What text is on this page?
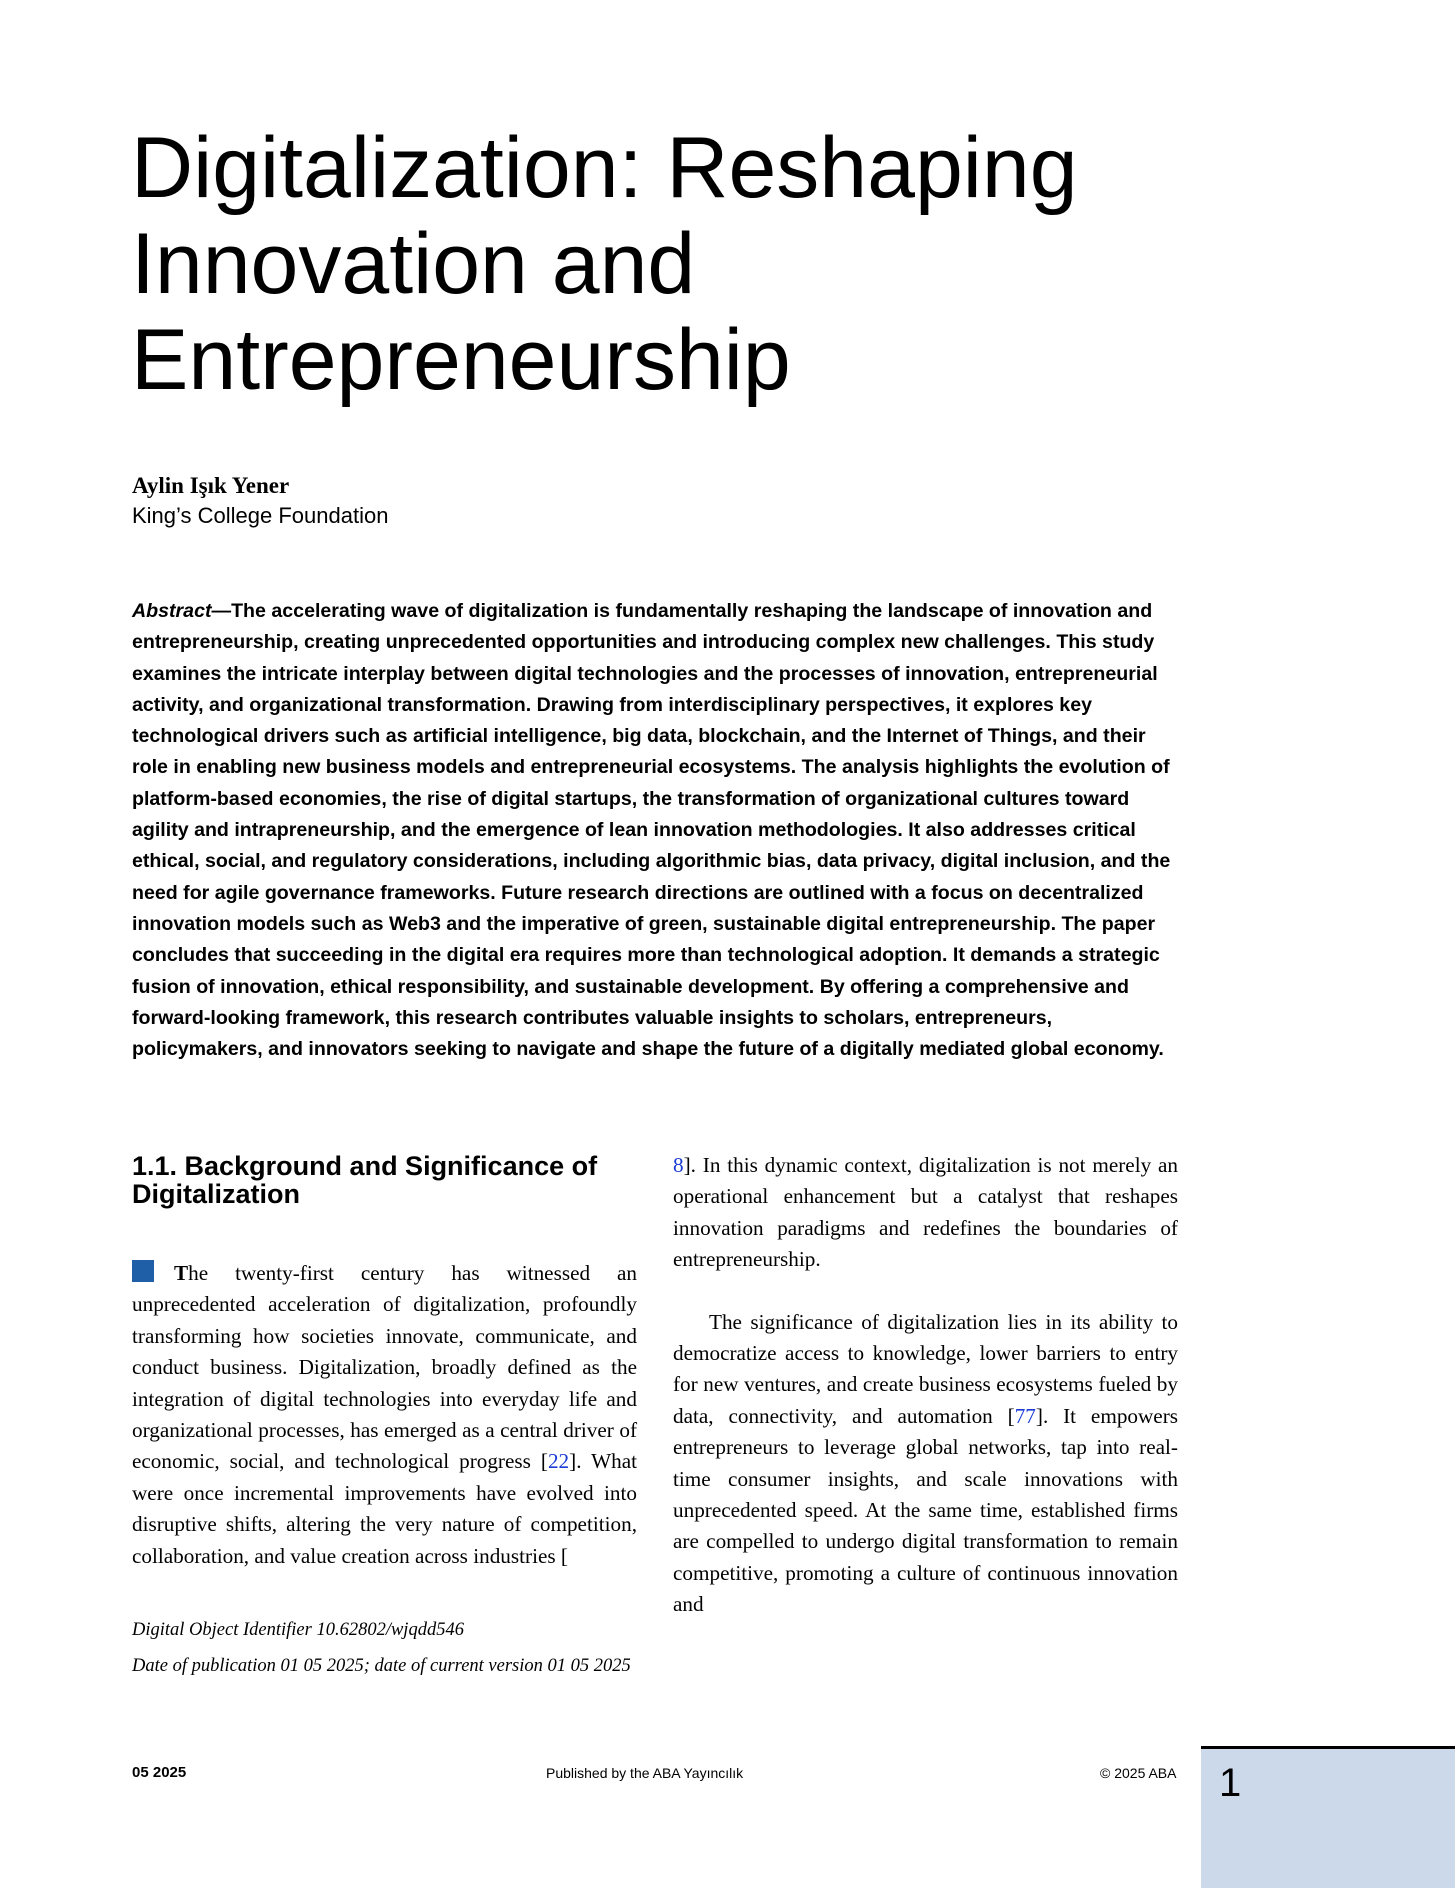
Digitalization: Reshaping Innovation and Entrepreneurship
Aylin Işık Yener
King’s College Foundation

Abstract—The accelerating wave of digitalization is fundamentally reshaping the landscape of innovation and entrepreneurship, creating unprecedented opportunities and introducing complex new challenges. This study examines the intricate interplay between digital technologies and the processes of innovation, entrepreneurial activity, and organizational transformation. Drawing from interdisciplinary perspectives, it explores key technological drivers such as artificial intelligence, big data, blockchain, and the Internet of Things, and their role in enabling new business models and entrepreneurial ecosystems. The analysis highlights the evolution of platform-based economies, the rise of digital startups, the transformation of organizational cultures toward agility and intrapreneurship, and the emergence of lean innovation methodologies. It also addresses critical ethical, social, and regulatory considerations, including algorithmic bias, data privacy, digital inclusion, and the need for agile governance frameworks. Future research directions are outlined with a focus on decentralized innovation models such as Web3 and the imperative of green, sustainable digital entrepreneurship. The paper concludes that succeeding in the digital era requires more than technological adoption. It demands a strategic fusion of innovation, ethical responsibility, and sustainable development. By offering a comprehensive and forward-looking framework, this research contributes valuable insights to scholars, entrepreneurs, policymakers, and innovators seeking to navigate and shape the future of a digitally mediated global economy.

1.1. Background and Significance of Digitalization

The twenty-first century has witnessed an unprecedented acceleration of digitalization, profoundly transforming how societies innovate, communicate, and conduct business. Digitalization, broadly defined as the integration of digital technologies into everyday life and organizational processes, has emerged as a central driver of economic, social, and technological progress [22]. What were once incremental improvements have evolved into disruptive shifts, altering the very nature of competition, collaboration, and value creation across industries [

Digital Object Identifier 10.62802/wjqdd546

Date of publication 01 05 2025; date of current version 01 05 2025

8]. In this dynamic context, digitalization is not merely an operational enhancement but a catalyst that reshapes innovation paradigms and redefines the boundaries of entrepreneurship.

The significance of digitalization lies in its ability to democratize access to knowledge, lower barriers to entry for new ventures, and create business ecosystems fueled by data, connectivity, and automation [77]. It empowers entrepreneurs to leverage global networks, tap into real-time consumer insights, and scale innovations with unprecedented speed. At the same time, established firms are compelled to undergo digital transformation to remain competitive, promoting a culture of continuous innovation and

05 2025	Published by the ABA Yayıncılık	© 2025 ABA 1
